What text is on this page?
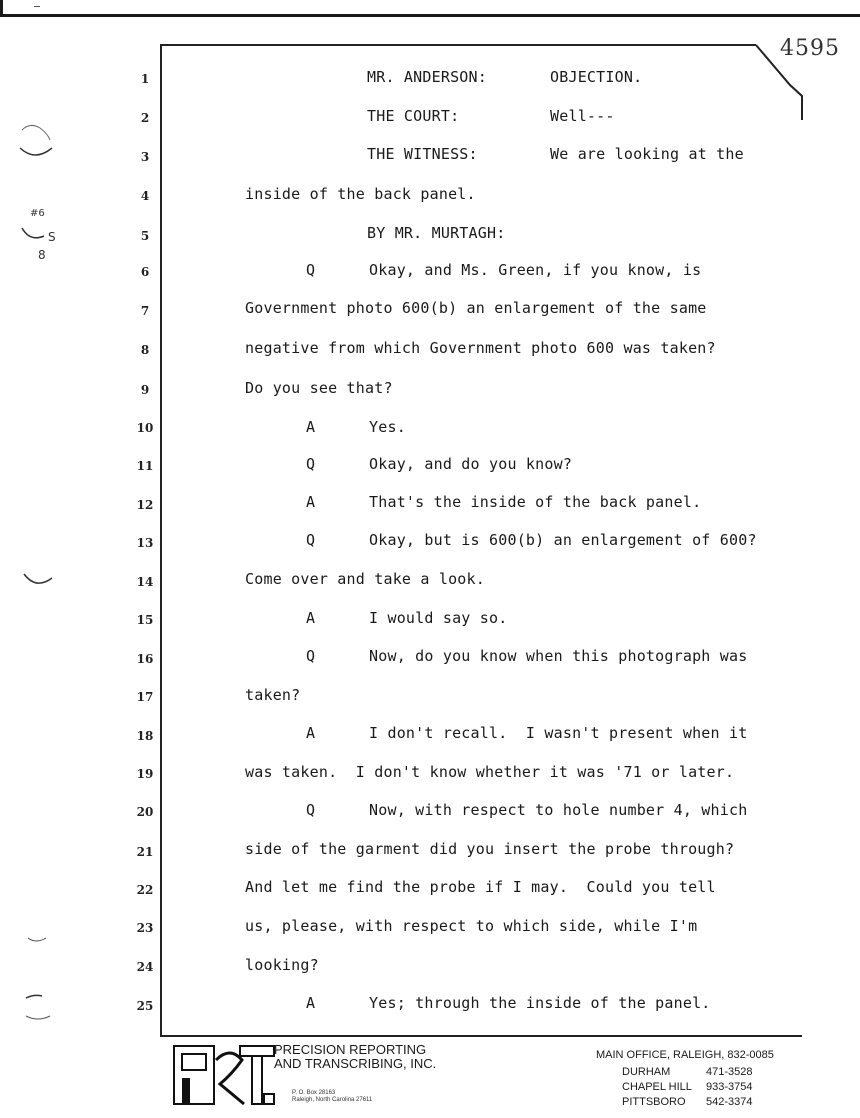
4595
#6
S
8
1	MR. ANDERSON:	OBJECTION.
2	THE COURT:	Well---
3	THE WITNESS:	We are looking at the
4	inside of the back panel.
5	BY MR. MURTAGH:
6	Q	Okay, and Ms. Green, if you know, is
7	Government photo 600(b) an enlargement of the same
8	negative from which Government photo 600 was taken?
9	Do you see that?
10	A	Yes.
11	Q	Okay, and do you know?
12	A	That's the inside of the back panel.
13	Q	Okay, but is 600(b) an enlargement of 600?
14	Come over and take a look.
15	A	I would say so.
16	Q	Now, do you know when this photograph was
17	taken?
18	A	I don't recall.  I wasn't present when it
19	was taken.  I don't know whether it was '71 or later.
20	Q	Now, with respect to hole number 4, which
21	side of the garment did you insert the probe through?
22	And let me find the probe if I may.  Could you tell
23	us, please, with respect to which side, while I'm
24	looking?
25	A	Yes; through the inside of the panel.
PRECISION REPORTING
AND TRANSCRIBING, INC.
P. O. Box 28163
Raleigh, North Carolina 27611
MAIN OFFICE, RALEIGH, 832-0085
DURHAM	471-3528
CHAPEL HILL 933-3754
PITTSBORO 542-3374
